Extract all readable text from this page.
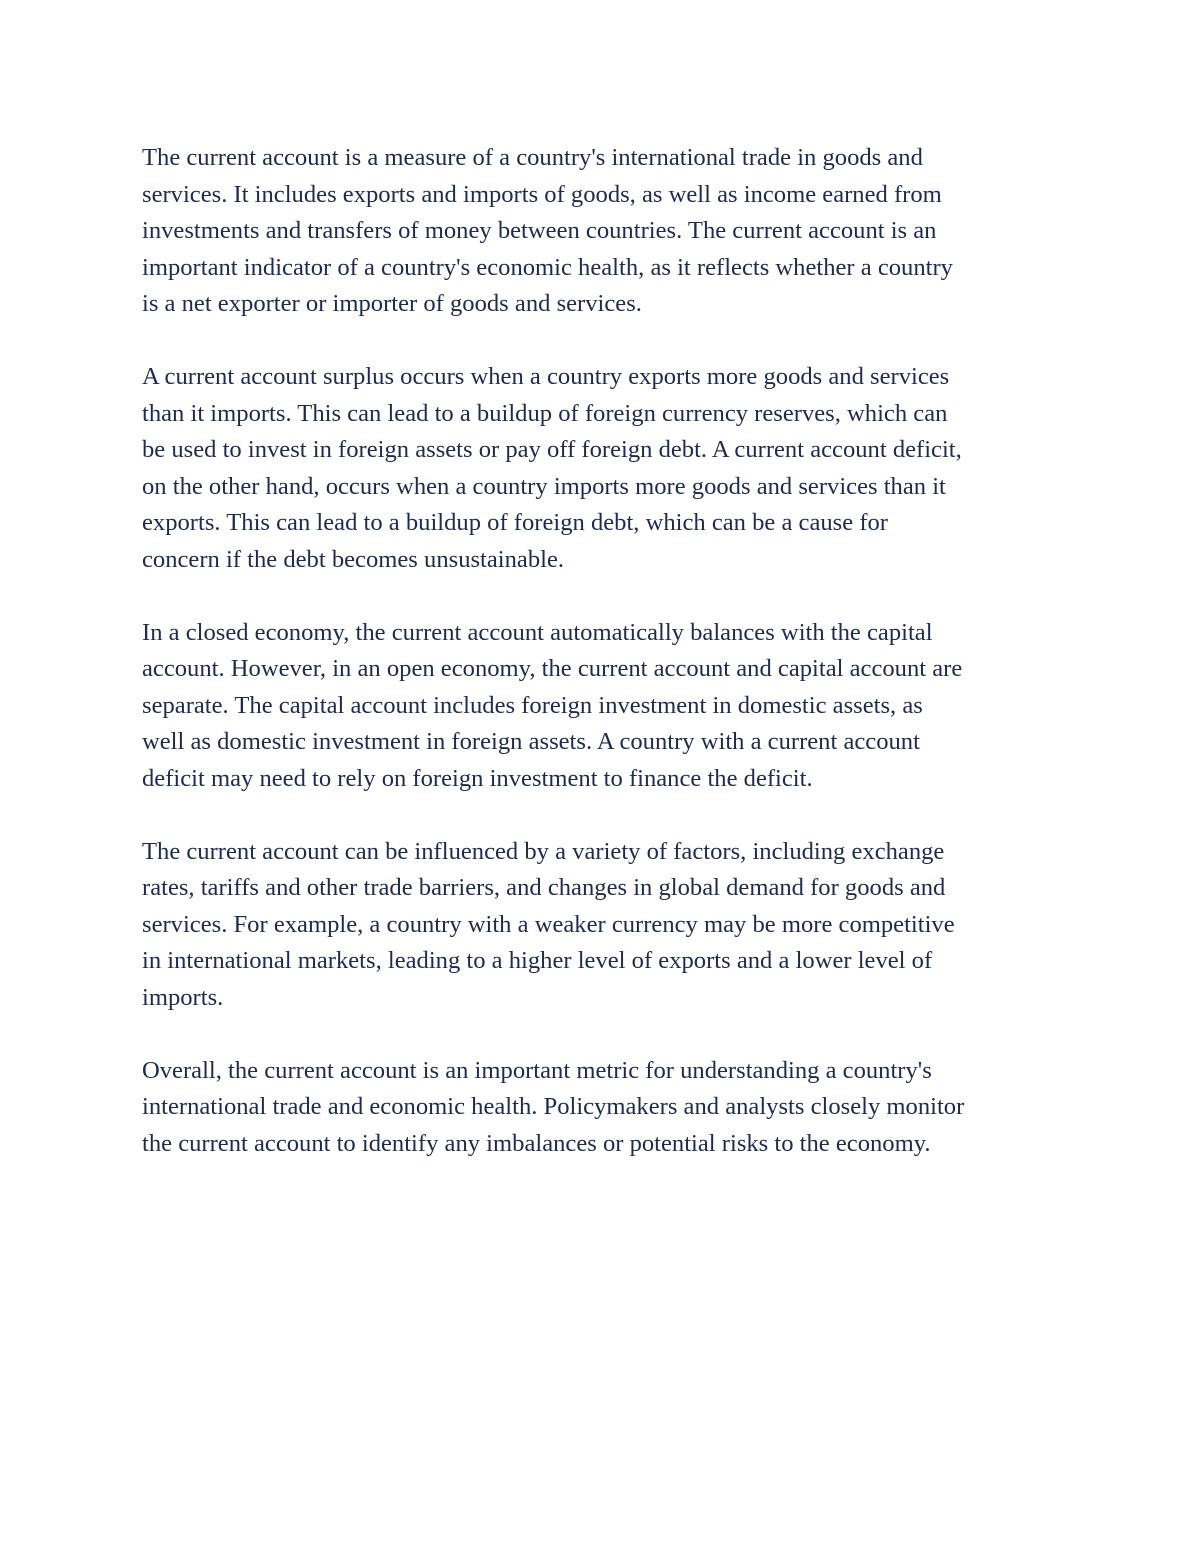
The current account is a measure of a country's international trade in goods and
services. It includes exports and imports of goods, as well as income earned from
investments and transfers of money between countries. The current account is an
important indicator of a country's economic health, as it reflects whether a country
is a net exporter or importer of goods and services.

A current account surplus occurs when a country exports more goods and services
than it imports. This can lead to a buildup of foreign currency reserves, which can
be used to invest in foreign assets or pay off foreign debt. A current account deficit,
on the other hand, occurs when a country imports more goods and services than it
exports. This can lead to a buildup of foreign debt, which can be a cause for
concern if the debt becomes unsustainable.

In a closed economy, the current account automatically balances with the capital
account. However, in an open economy, the current account and capital account are
separate. The capital account includes foreign investment in domestic assets, as
well as domestic investment in foreign assets. A country with a current account
deficit may need to rely on foreign investment to finance the deficit.

The current account can be influenced by a variety of factors, including exchange
rates, tariffs and other trade barriers, and changes in global demand for goods and
services. For example, a country with a weaker currency may be more competitive
in international markets, leading to a higher level of exports and a lower level of
imports.

Overall, the current account is an important metric for understanding a country's
international trade and economic health. Policymakers and analysts closely monitor
the current account to identify any imbalances or potential risks to the economy.
